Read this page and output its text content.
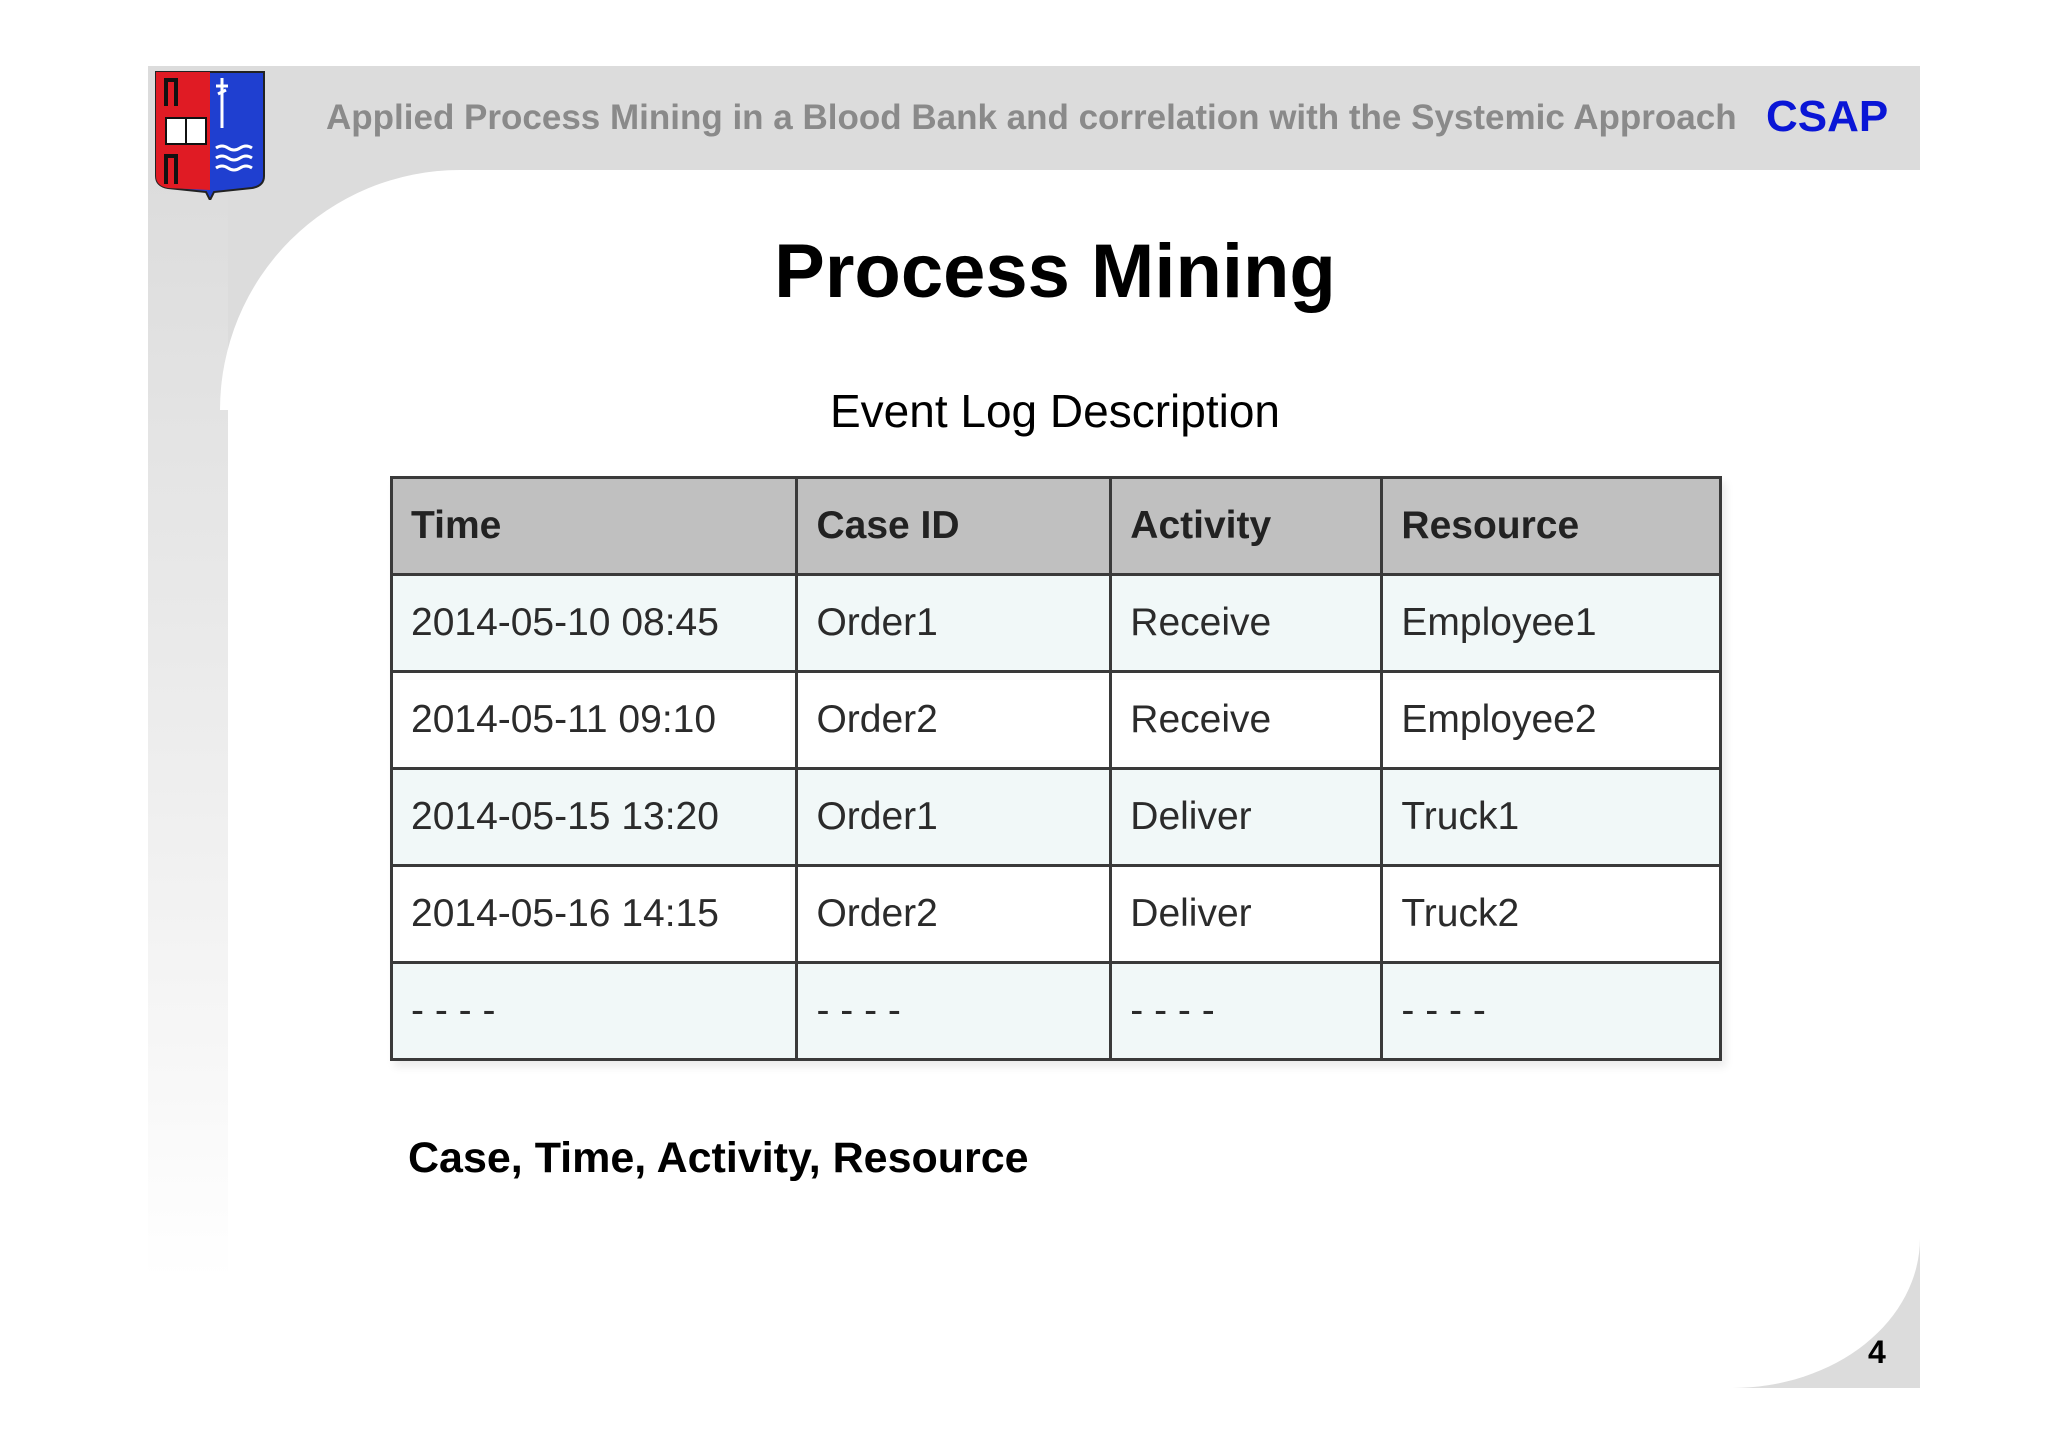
Applied Process Mining in a Blood Bank and correlation with the Systemic Approach CSAP
Process Mining
Event Log Description
Time	Case ID	Activity	Resource
2014-05-10 08:45	Order1	Receive	Employee1
2014-05-11 09:10	Order2	Receive	Employee2
2014-05-15 13:20	Order1	Deliver	Truck1
2014-05-16 14:15	Order2	Deliver	Truck2
- - - -	- - - -	- - - -	- - - -
Case, Time, Activity, Resource
4
